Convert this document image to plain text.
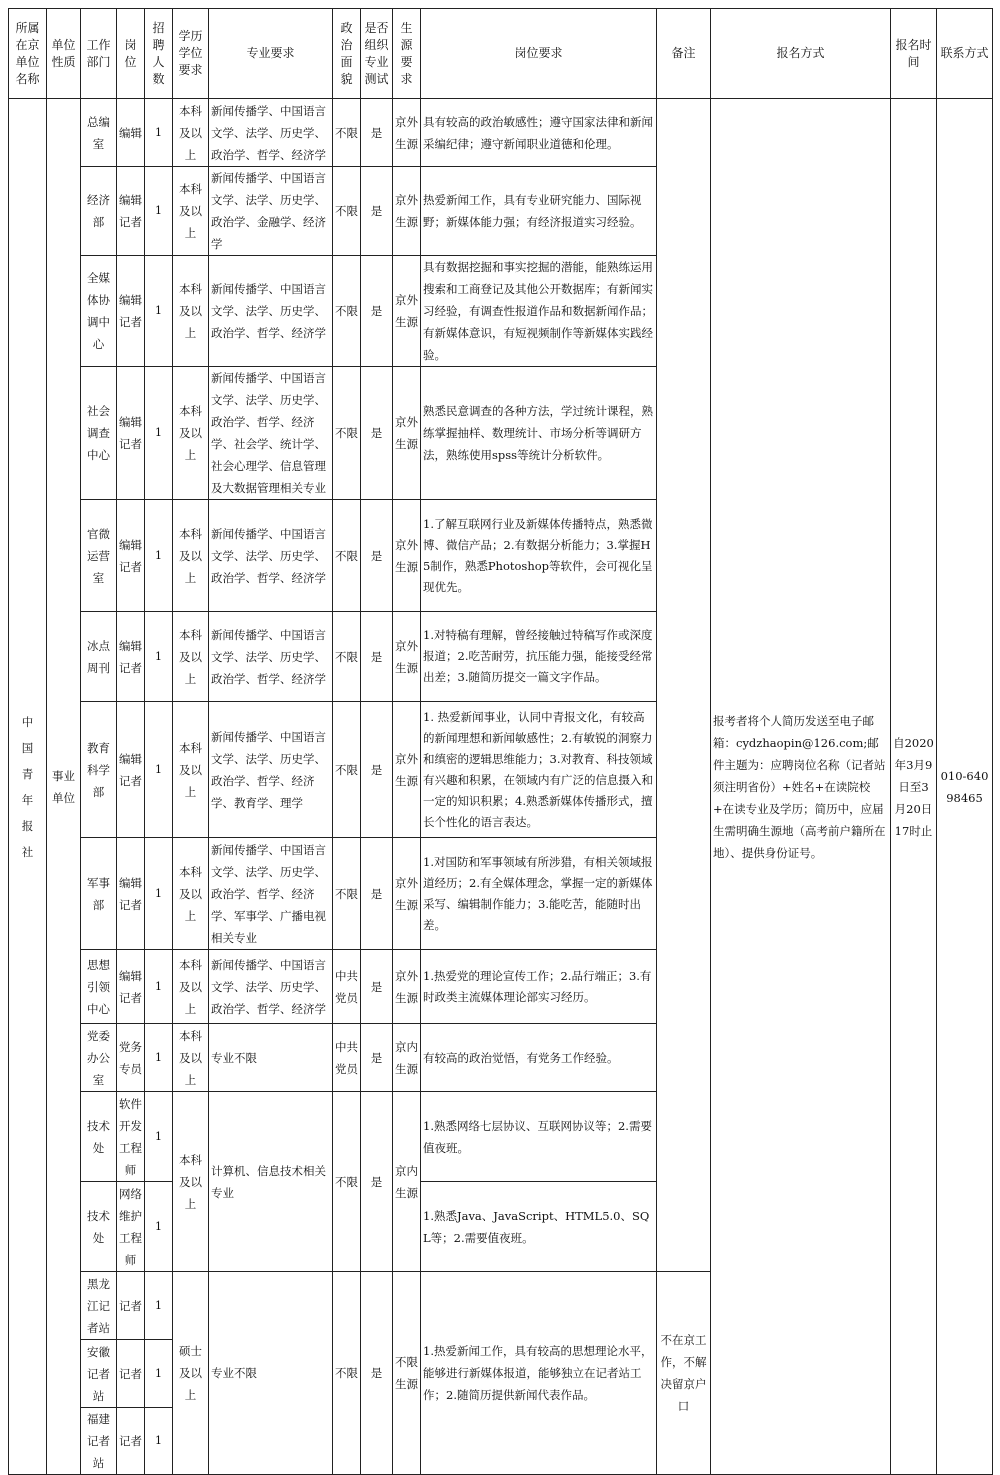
所属在京单位名称	单位性质	工作部门	岗位	招聘人数	学历学位要求	专业要求	政治面貌	是否组织专业测试	生源要求	岗位要求	备注	报名方式	报名时间	联系方式
中国青年报社	事业单位	总编室	编辑	1	本科及以上	新闻传播学、中国语言文学、法学、历史学、政治学、哲学、经济学	不限	是	京外生源	具有较高的政治敏感性；遵守国家法律和新闻采编纪律；遵守新闻职业道德和伦理。		报考者将个人简历发送至电子邮箱：cydzhaopin@126.com;邮件主题为：应聘岗位名称（记者站须注明省份）+姓名+在读院校+在读专业及学历；简历中，应届生需明确生源地（高考前户籍所在地）、提供身份证号。	自2020年3月9日至3月20日17时止	010-64098465
		经济部	编辑记者	1	本科及以上	新闻传播学、中国语言文学、法学、历史学、政治学、金融学、经济学	不限	是	京外生源	热爱新闻工作，具有专业研究能力、国际视野；新媒体能力强；有经济报道实习经验。				
		全媒体协调中心	编辑记者	1	本科及以上	新闻传播学、中国语言文学、法学、历史学、政治学、哲学、经济学	不限	是	京外生源	具有数据挖掘和事实挖掘的潜能，能熟练运用搜索和工商登记及其他公开数据库；有新闻实习经验，有调查性报道作品和数据新闻作品；有新媒体意识，有短视频制作等新媒体实践经验。				
		社会调查中心	编辑记者	1	本科及以上	新闻传播学、中国语言文学、法学、历史学、政治学、哲学、经济学、社会学、统计学、社会心理学、信息管理及大数据管理相关专业	不限	是	京外生源	熟悉民意调查的各种方法，学过统计课程，熟练掌握抽样、数理统计、市场分析等调研方法，熟练使用spss等统计分析软件。				
		官微运营室	编辑记者	1	本科及以上	新闻传播学、中国语言文学、法学、历史学、政治学、哲学、经济学	不限	是	京外生源	1.了解互联网行业及新媒体传播特点，熟悉微博、微信产品；2.有数据分析能力；3.掌握H5制作，熟悉Photoshop等软件，会可视化呈现优先。				
		冰点周刊	编辑记者	1	本科及以上	新闻传播学、中国语言文学、法学、历史学、政治学、哲学、经济学	不限	是	京外生源	1.对特稿有理解，曾经接触过特稿写作或深度报道；2.吃苦耐劳，抗压能力强，能接受经常出差；3.随简历提交一篇文字作品。				
		教育科学部	编辑记者	1	本科及以上	新闻传播学、中国语言文学、法学、历史学、政治学、哲学、经济学、教育学、理学	不限	是	京外生源	1. 热爱新闻事业，认同中青报文化，有较高的新闻理想和新闻敏感性；2.有敏锐的洞察力和缜密的逻辑思维能力；3.对教育、科技领域有兴趣和积累，在领域内有广泛的信息摄入和一定的知识积累；4.熟悉新媒体传播形式，擅长个性化的语言表达。				
		军事部	编辑记者	1	本科及以上	新闻传播学、中国语言文学、法学、历史学、政治学、哲学、经济学、军事学、广播电视相关专业	不限	是	京外生源	1.对国防和军事领域有所涉猎，有相关领域报道经历；2.有全媒体理念，掌握一定的新媒体采写、编辑制作能力；3.能吃苦，能随时出差。				
		思想引领中心	编辑记者	1	本科及以上	新闻传播学、中国语言文学、法学、历史学、政治学、哲学、经济学	中共党员	是	京外生源	1.热爱党的理论宣传工作；2.品行端正；3.有时政类主流媒体理论部实习经历。				
		党委办公室	党务专员	1	本科及以上	专业不限	中共党员	是	京内生源	有较高的政治觉悟，有党务工作经验。				
		技术处	软件开发工程师	1	本科及以上	计算机、信息技术相关专业	不限	是	京内生源	1.熟悉网络七层协议、互联网协议等；2.需要值夜班。				
		技术处	网络维护工程师	1						1.熟悉Java、JavaScript、HTML5.0、SQL等；2.需要值夜班。				
		黑龙江记者站	记者	1	硕士及以上	专业不限	不限	是	不限生源	1.热爱新闻工作，具有较高的思想理论水平，能够进行新媒体报道，能够独立在记者站工作；2.随简历提供新闻代表作品。	不在京工作，不解决留京户口			
		安徽记者站	记者	1										
		福建记者站	记者	1										
